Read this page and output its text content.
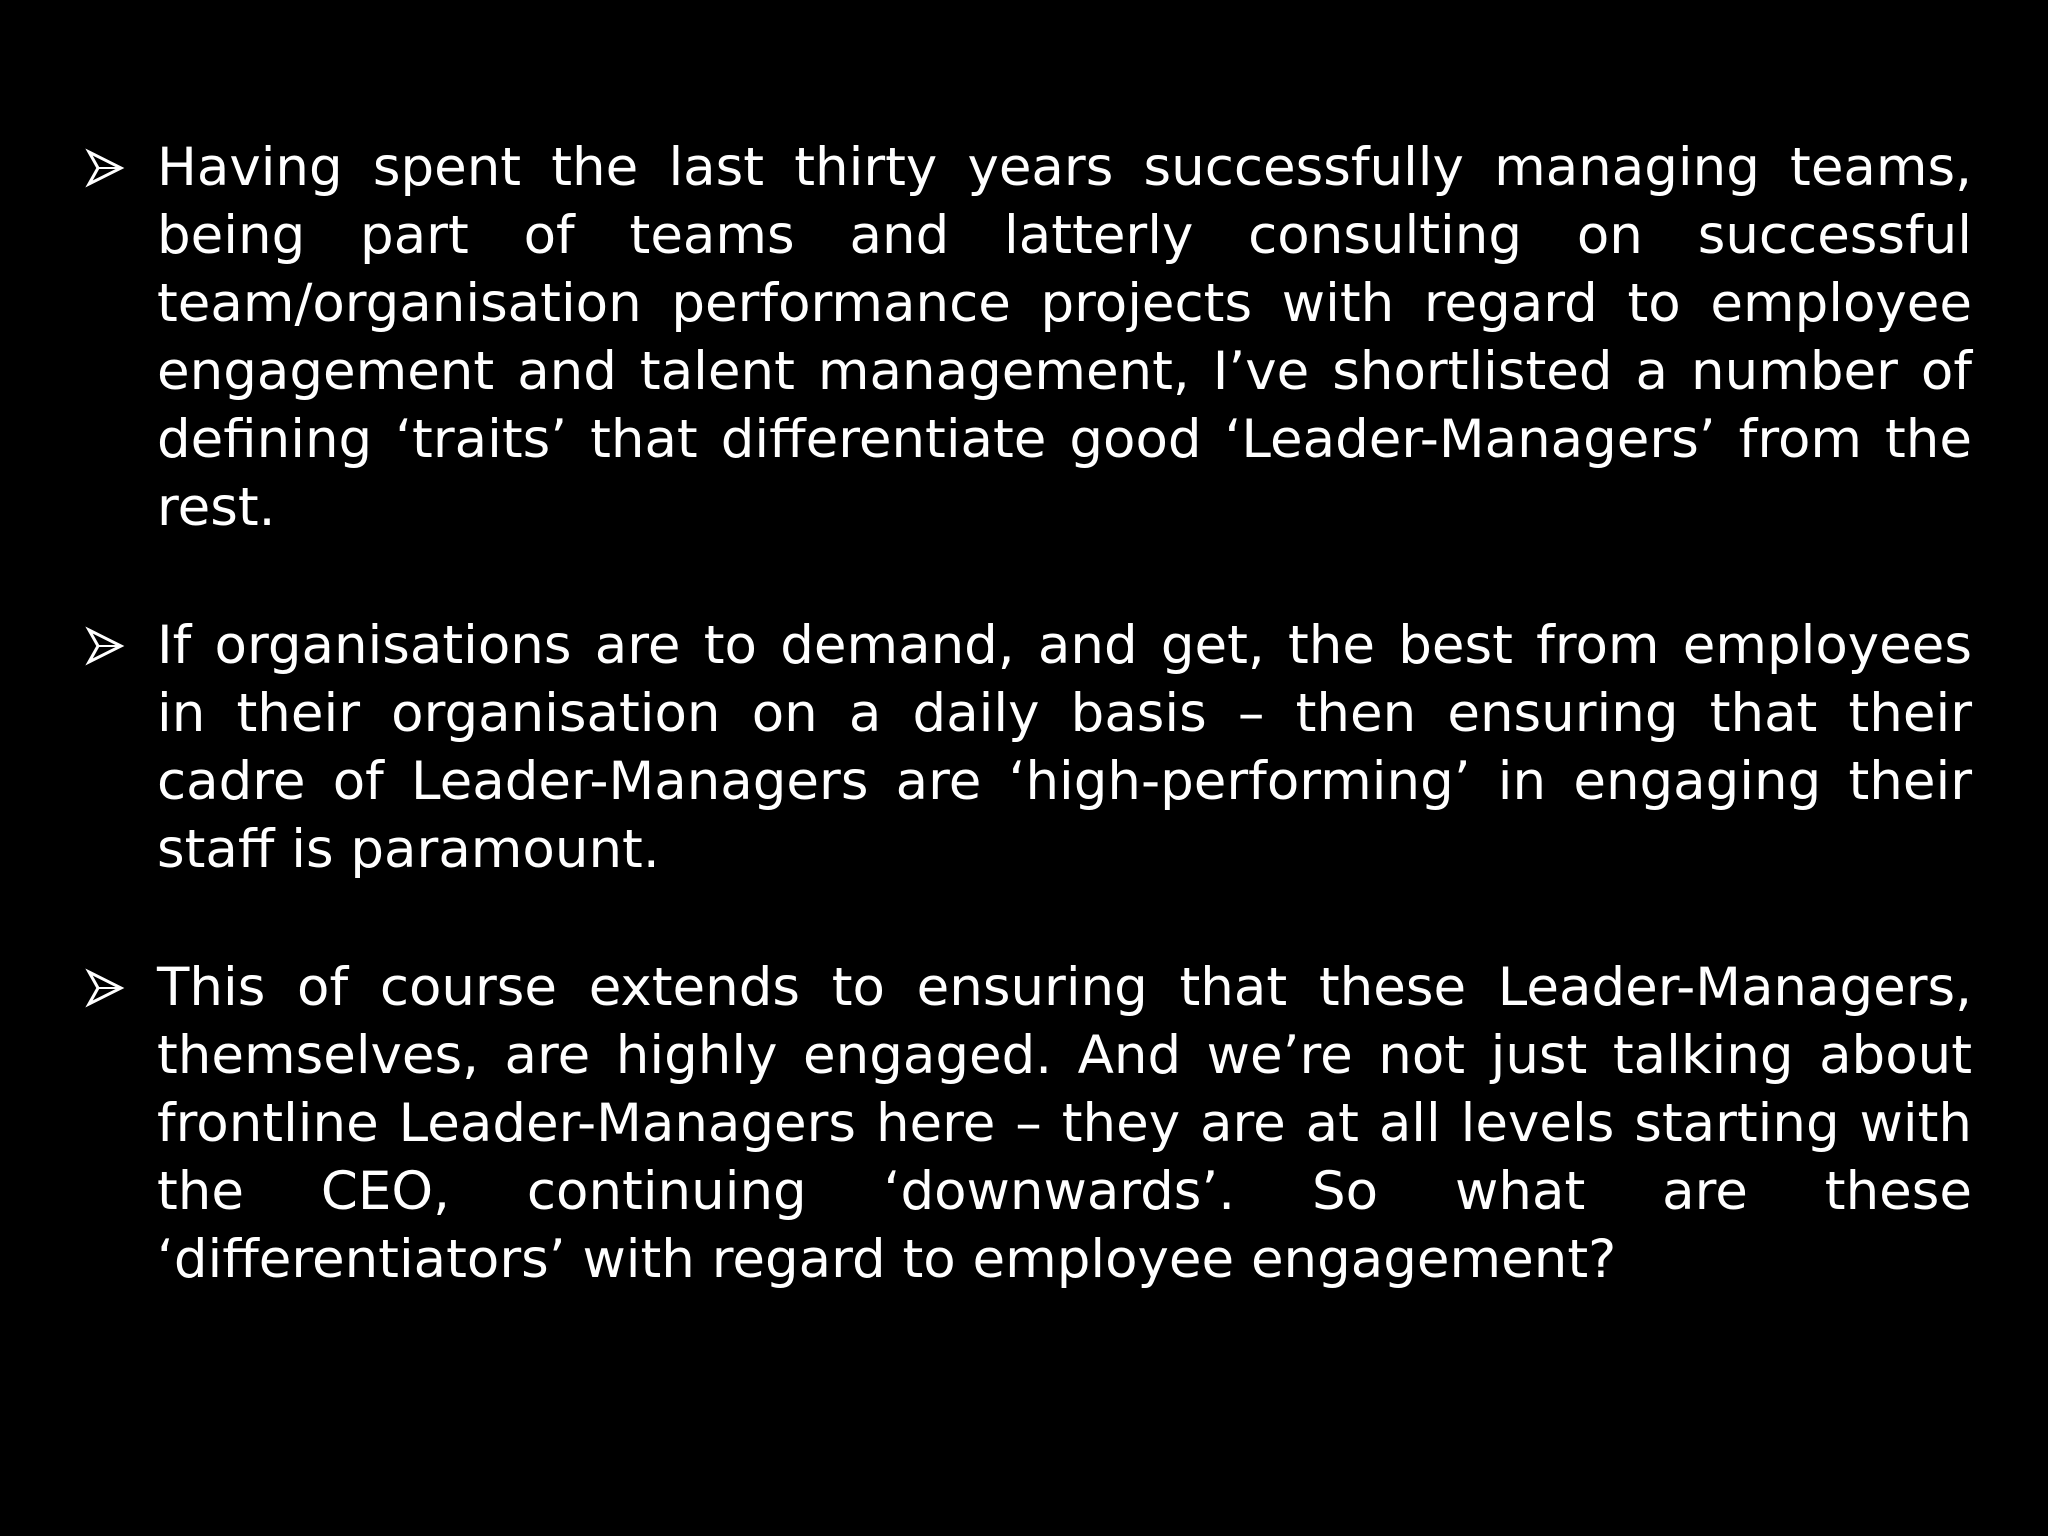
Having spent the last thirty years successfully managing teams, being part of teams and latterly consulting on successful team/organisation performance projects with regard to employee engagement and talent management, I’ve shortlisted a number of defining ‘traits’ that differentiate good ‘Leader-Managers’ from the rest.
If organisations are to demand, and get, the best from employees in their organisation on a daily basis – then ensuring that their cadre of Leader-Managers are ‘high-performing’ in engaging their staff is paramount.
This of course extends to ensuring that these Leader-Managers, themselves, are highly engaged. And we’re not just talking about frontline Leader-Managers here – they are at all levels starting with the CEO, continuing ‘downwards’. So what are these ‘differentiators’ with regard to employee engagement?
